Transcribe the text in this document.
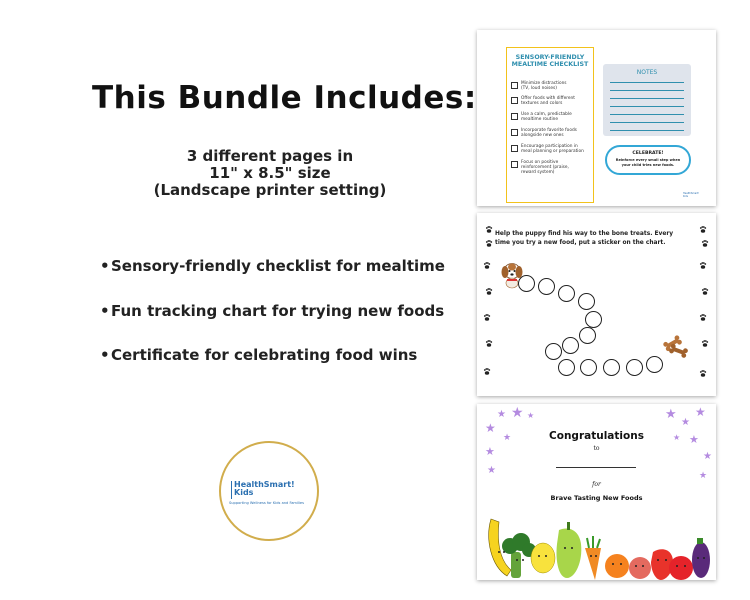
This Bundle Includes:
3 different pages in
11" x 8.5" size
(Landscape printer setting)
•Sensory-friendly checklist for mealtime
•Fun tracking chart for trying new foods
•Certificate for celebrating food wins
HealthSmart!
Kids
Supporting Wellness for Kids and Families
SENSORY-FRIENDLY
MEALTIME CHECKLIST
Minimize distractions
(TV, loud noises)
Offer foods with different
textures and colors
Use a calm, predictable
mealtime routine
Incorporate favorite foods
alongside new ones
Encourage participation in
meal planning or preparation
Focus on positive
reinforcement (praise,
reward system)
NOTES
CELEBRATE!
Reinforce every small step when
your child tries new foods.
HealthSmart!
Kids
Help the puppy find his way to the bone treats. Every
time you try a new food, put a sticker on the chart.
★
★ ★
★
★
★
★
★
★
★
★
★
★
★
Congratulations
to
for
Brave Tasting New Foods
